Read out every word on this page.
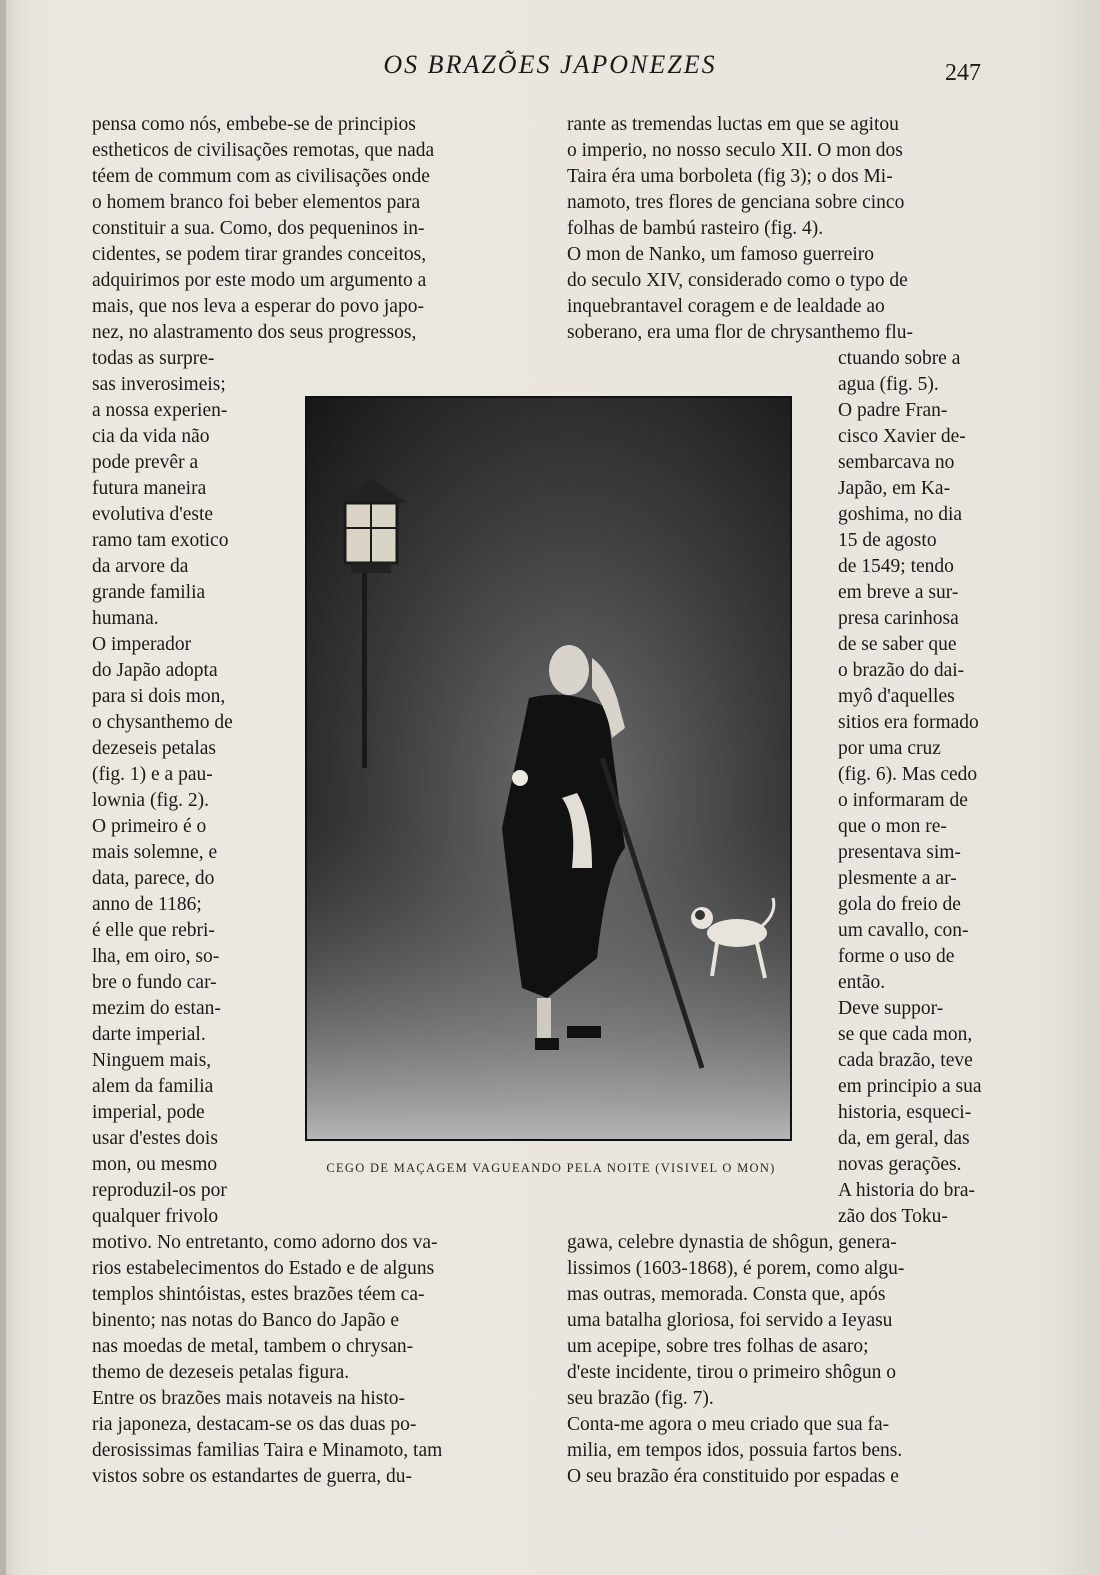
OS BRAZÕES JAPONEZES	247
pensa como nós, embebe-se de principios
estheticos de civilisações remotas, que nada
téem de commum com as civilisações onde
o homem branco foi beber elementos para
constituir a sua. Como, dos pequeninos in-
cidentes, se podem tirar grandes conceitos,
adquirimos por este modo um argumento a
mais, que nos leva a esperar do povo japo-
nez, no alastramento dos seus progressos,
todas as surpre-
sas inverosimeis;
a nossa experien-
cia da vida não
pode prevêr a
futura maneira
evolutiva d'este
ramo tam exotico
da arvore da
grande familia
humana.
O imperador
do Japão adopta
para si dois mon,
o chysanthemo de
dezeseis petalas
(fig. 1) e a pau-
lownia (fig. 2).
O primeiro é o
mais solemne, e
data, parece, do
anno de 1186;
é elle que rebri-
lha, em oiro, so-
bre o fundo car-
mezim do estan-
darte imperial.
Ninguem mais,
alem da familia
imperial, pode
usar d'estes dois
mon, ou mesmo
reproduzil-os por
qualquer frivolo
motivo. No entretanto, como adorno dos va-
rios estabelecimentos do Estado e de alguns
templos shintóistas, estes brazões téem ca-
binento; nas notas do Banco do Japão e
nas moedas de metal, tambem o chrysan-
themo de dezeseis petalas figura.
Entre os brazões mais notaveis na histo-
ria japoneza, destacam-se os das duas po-
derosissimas familias Taira e Minamoto, tam
vistos sobre os estandartes de guerra, du-
rante as tremendas luctas em que se agitou
o imperio, no nosso seculo XII. O mon dos
Taira éra uma borboleta (fig 3); o dos Mi-
namoto, tres flores de genciana sobre cinco
folhas de bambú rasteiro (fig. 4).
O mon de Nanko, um famoso guerreiro
do seculo XIV, considerado como o typo de
inquebrantavel coragem e de lealdade ao
soberano, era uma flor de chrysanthemo flu-
ctuando sobre a
agua (fig. 5).
O padre Fran-
cisco Xavier de-
sembarcava no
Japão, em Ka-
goshima, no dia
15 de agosto
de 1549; tendo
em breve a sur-
presa carinhosa
de se saber que
o brazão do dai-
myô d'aquelles
sitios era formado
por uma cruz
(fig. 6). Mas cedo
o informaram de
que o mon re-
presentava sim-
plesmente a ar-
gola do freio de
um cavallo, con-
forme o uso de
então.
Deve suppor-
se que cada mon,
cada brazão, teve
em principio a sua
historia, esqueci-
da, em geral, das
novas gerações.
A historia do bra-
zão dos Toku-
gawa, celebre dynastia de shôgun, genera-
lissimos (1603-1868), é porem, como algu-
mas outras, memorada. Consta que, após
uma batalha gloriosa, foi servido a Ieyasu
um acepipe, sobre tres folhas de asaro;
d'este incidente, tirou o primeiro shôgun o
seu brazão (fig. 7).
Conta-me agora o meu criado que sua fa-
milia, em tempos idos, possuia fartos bens.
O seu brazão éra constituido por espadas e
CEGO DE MAÇAGEM VAGUEANDO PELA NOITE (VISIVEL O MON)
